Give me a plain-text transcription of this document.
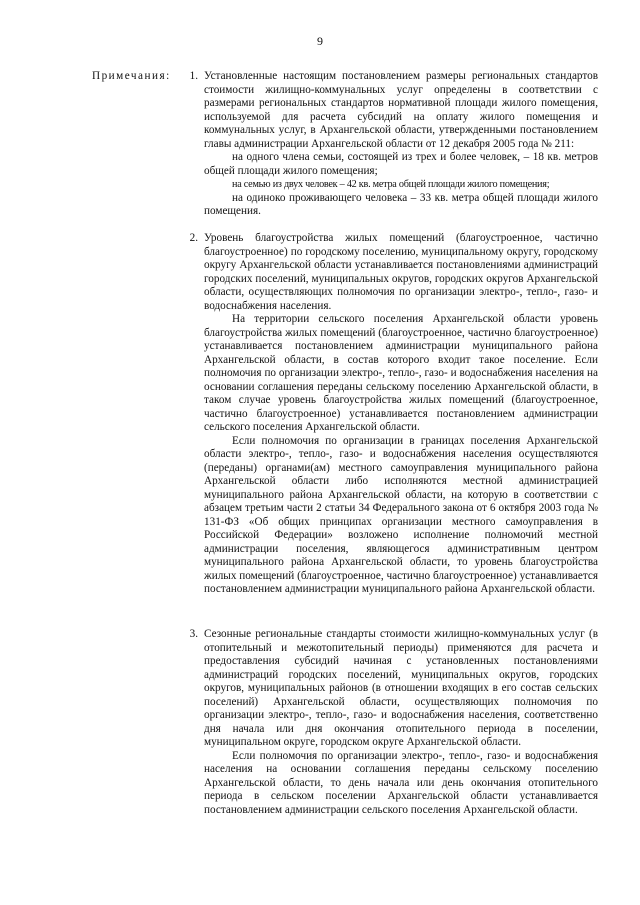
9
Примечания:	1. Установленные настоящим постановлением размеры региональных стандартов стоимости жилищно-коммунальных услуг определены в соответствии с размерами региональных стандартов нормативной площади жилого помещения, используемой для расчета субсидий на оплату жилого помещения и коммунальных услуг, в Архангельской области, утвержденными постановлением главы администрации Архангельской области от 12 декабря 2005 года № 211:

на одного члена семьи, состоящей из трех и более человек, – 18 кв. метров общей площади жилого помещения;

на семью из двух человек – 42 кв. метра общей площади жилого помещения;

на одиноко проживающего человека – 33 кв. метра общей площади жилого помещения.

2. Уровень благоустройства жилых помещений (благоустроенное, частично благоустроенное) по городскому поселению, муниципальному округу, городскому округу Архангельской области устанавливается постановлениями администраций городских поселений, муниципальных округов, городских округов Архангельской области, осуществляющих полномочия по организации электро-, тепло-, газо- и водоснабжения населения.

На территории сельского поселения Архангельской области уровень благоустройства жилых помещений (благоустроенное, частично благоустроенное) устанавливается постановлением администрации муниципального района Архангельской области, в состав которого входит такое поселение. Если полномочия по организации электро-, тепло-, газо- и водоснабжения населения на основании соглашения переданы сельскому поселению Архангельской области, в таком случае уровень благоустройства жилых помещений (благоустроенное, частично благоустроенное) устанавливается постановлением администрации сельского поселения Архангельской области.

Если полномочия по организации в границах поселения Архангельской области электро-, тепло-, газо- и водоснабжения населения осуществляются (переданы) органами(ам) местного самоуправления муниципального района Архангельской области либо исполняются местной администрацией муниципального района Архангельской области, на которую в соответствии с абзацем третьим части 2 статьи 34 Федерального закона от 6 октября 2003 года № 131-ФЗ «Об общих принципах организации местного самоуправления в Российской Федерации» возложено исполнение полномочий местной администрации поселения, являющегося административным центром муниципального района Архангельской области, то уровень благоустройства жилых помещений (благоустроенное, частично благоустроенное) устанавливается постановлением администрации муниципального района Архангельской области.

3. Сезонные региональные стандарты стоимости жилищно-коммунальных услуг (в отопительный и межотопительный периоды) применяются для расчета и предоставления субсидий начиная с установленных постановлениями администраций городских поселений, муниципальных округов, городских округов, муниципальных районов (в отношении входящих в его состав сельских поселений) Архангельской области, осуществляющих полномочия по организации электро-, тепло-, газо- и водоснабжения населения, соответственно дня начала или дня окончания отопительного периода в поселении, муниципальном округе, городском округе Архангельской области.

Если полномочия по организации электро-, тепло-, газо- и водоснабжения населения на основании соглашения переданы сельскому поселению Архангельской области, то день начала или день окончания отопительного периода в сельском поселении Архангельской области устанавливается постановлением администрации сельского поселения Архангельской области.
